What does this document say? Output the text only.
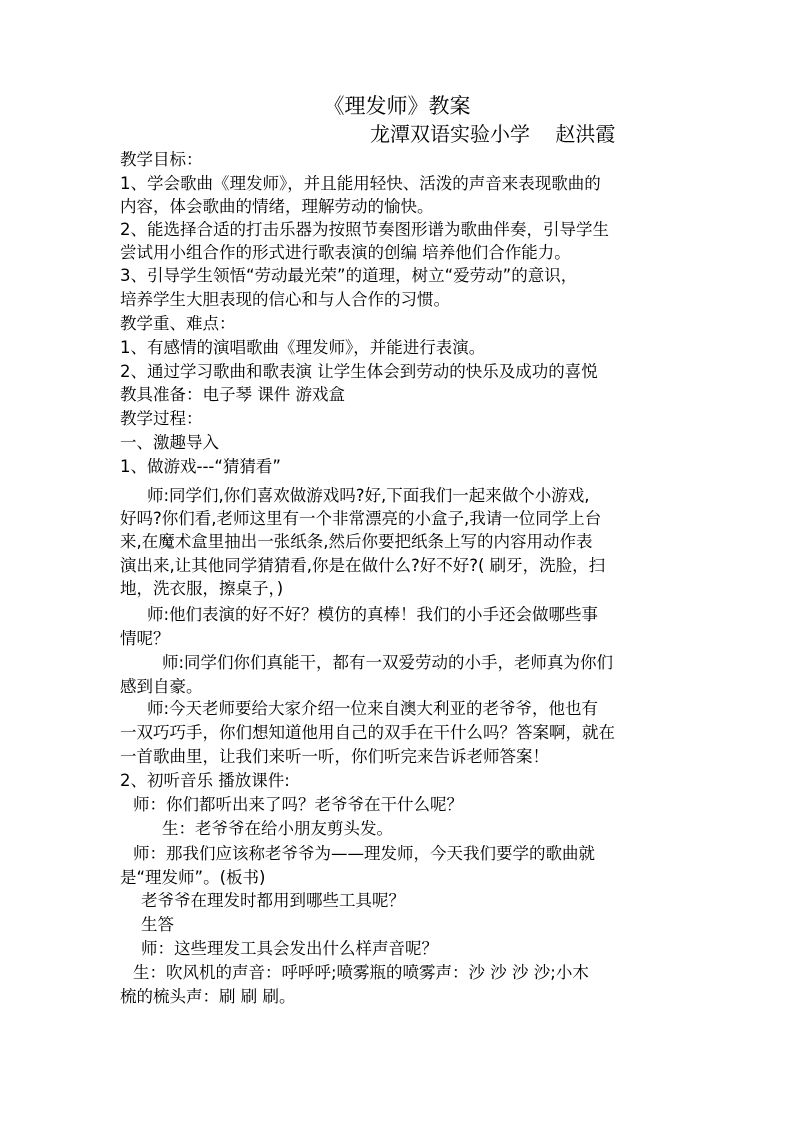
《理发师》教案
龙潭双语实验小学    赵洪霞
教学目标：
1、学会歌曲《理发师》，并且能用轻快、活泼的声音来表现歌曲的
内容，体会歌曲的情绪，理解劳动的愉快。
2、能选择合适的打击乐器为按照节奏图形谱为歌曲伴奏，引导学生
尝试用小组合作的形式进行歌表演的创编 培养他们合作能力。
3、引导学生领悟“劳动最光荣”的道理，树立“爱劳动”的意识，
培养学生大胆表现的信心和与人合作的习惯。
教学重、难点：
1、有感情的演唱歌曲《理发师》，并能进行表演。
2、通过学习歌曲和歌表演 让学生体会到劳动的快乐及成功的喜悦
教具准备：电子琴 课件 游戏盒
教学过程：
一、激趣导入
1、做游戏---“猜猜看”
师:同学们,你们喜欢做游戏吗?好,下面我们一起来做个小游戏,
好吗?你们看,老师这里有一个非常漂亮的小盒子,我请一位同学上台
来,在魔术盒里抽出一张纸条,然后你要把纸条上写的内容用动作表
演出来,让其他同学猜猜看,你是在做什么?好不好?( 刷牙，洗脸，扫
地，洗衣服，擦桌子，)
师:他们表演的好不好？模仿的真棒！我们的小手还会做哪些事
情呢？
师:同学们你们真能干，都有一双爱劳动的小手，老师真为你们
感到自豪。
师:今天老师要给大家介绍一位来自澳大利亚的老爷爷，他也有
一双巧巧手，你们想知道他用自己的双手在干什么吗？答案啊，就在
一首歌曲里，让我们来听一听，你们听完来告诉老师答案！
2、初听音乐 播放课件:
师：你们都听出来了吗？老爷爷在干什么呢？
生：老爷爷在给小朋友剪头发。
师：那我们应该称老爷爷为——理发师，今天我们要学的歌曲就
是“理发师”。(板书)
老爷爷在理发时都用到哪些工具呢？
生答
师：这些理发工具会发出什么样声音呢？
生：吹风机的声音：呼呼呼;喷雾瓶的喷雾声：沙 沙 沙 沙;小木
梳的梳头声：刷 刷 刷。
